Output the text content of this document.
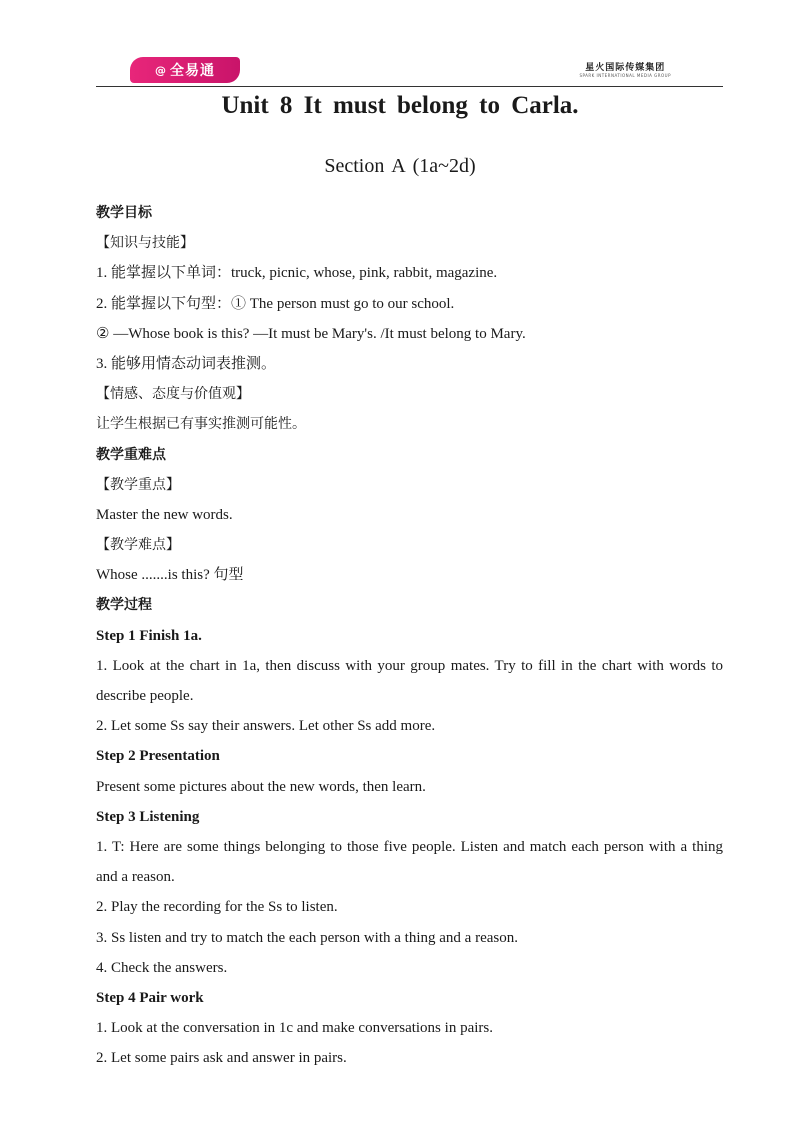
@ 全易通	星火国际传媒集团
SPARK INTERNATIONAL MEDIA GROUP
Unit 8 It must belong to Carla.
Section A (1a~2d)
教学目标
【知识与技能】
1. 能掌握以下单词：truck, picnic, whose, pink, rabbit, magazine.
2. 能掌握以下句型：① The person must go to our school.
② —Whose book is this? —It must be Mary's. /It must belong to Mary.
3. 能够用情态动词表推测。
【情感、态度与价值观】
让学生根据已有事实推测可能性。
教学重难点
【教学重点】
Master the new words.
【教学难点】
Whose .......is this? 句型
教学过程
Step 1 Finish 1a.
1. Look at the chart in 1a, then discuss with your group mates. Try to fill in the chart with words to describe people.
2. Let some Ss say their answers. Let other Ss add more.
Step 2 Presentation
Present some pictures about the new words, then learn.
Step 3 Listening
1. T: Here are some things belonging to those five people. Listen and match each person with a thing and a reason.
2. Play the recording for the Ss to listen.
3. Ss listen and try to match the each person with a thing and a reason.
4. Check the answers.
Step 4 Pair work
1. Look at the conversation in 1c and make conversations in pairs.
2. Let some pairs ask and answer in pairs.
